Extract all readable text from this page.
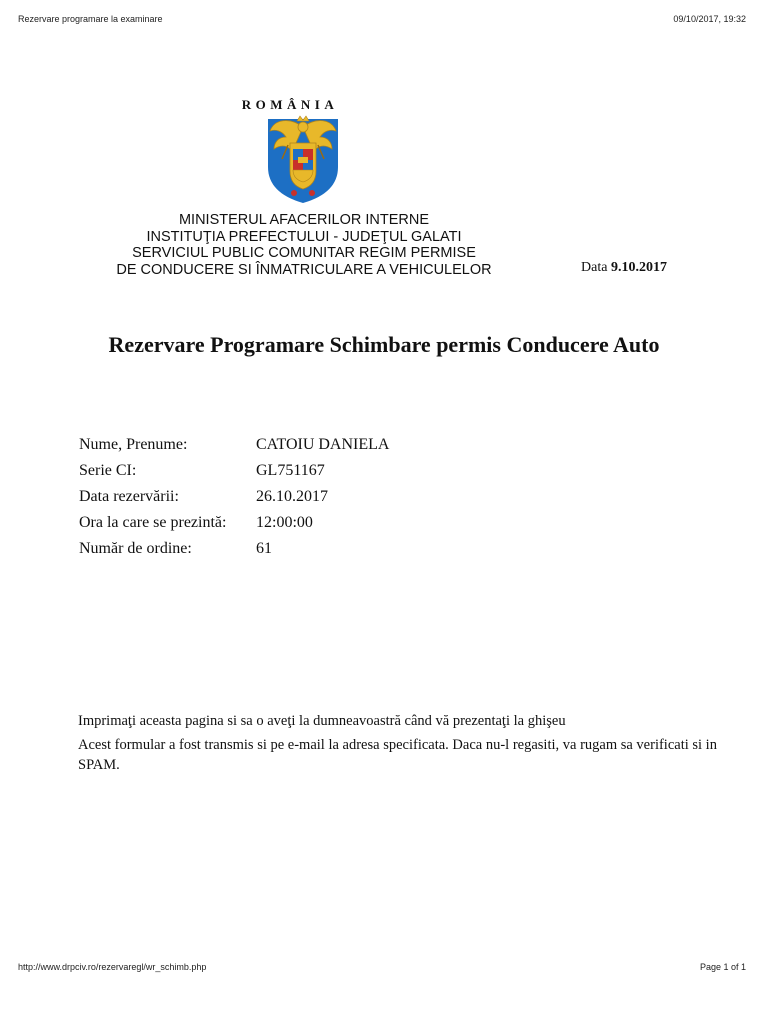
Rezervare programare la examinare	09/10/2017, 19:32
ROMÂNIA
MINISTERUL AFACERILOR INTERNE
INSTITUŢIA PREFECTULUI - JUDEŢUL GALATI
SERVICIUL PUBLIC COMUNITAR REGIM PERMISE
DE CONDUCERE SI ÎNMATRICULARE A VEHICULELOR	Data 9.10.2017
Rezervare Programare Schimbare permis Conducere Auto
Nume, Prenume:	CATOIU DANIELA
Serie CI:	GL751167
Data rezervării:	26.10.2017
Ora la care se prezintă:	12:00:00
Număr de ordine:	61

Imprimaţi aceasta pagina si sa o aveţi la dumneavoastră când vă prezentaţi la ghişeu

Acest formular a fost transmis si pe e-mail la adresa specificata. Daca nu-l regasiti, va rugam sa verificati si in SPAM.

http://www.drpciv.ro/rezervaregl/wr_schimb.php	Page 1 of 1
